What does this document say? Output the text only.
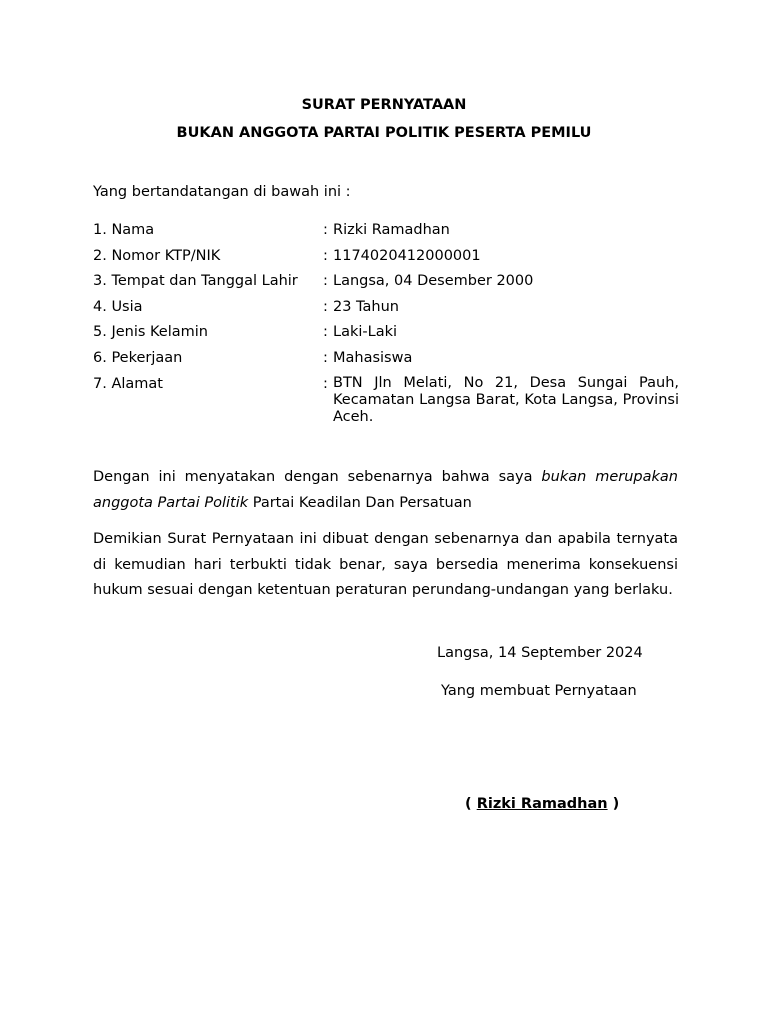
SURAT PERNYATAAN
BUKAN ANGGOTA PARTAI POLITIK PESERTA PEMILU
Yang bertandatangan di bawah ini :
1. Nama	: Rizki Ramadhan
2. Nomor KTP/NIK	: 1174020412000001
3. Tempat dan Tanggal Lahir	: Langsa, 04 Desember 2000
4. Usia	: 23 Tahun
5. Jenis Kelamin	: Laki-Laki
6. Pekerjaan	: Mahasiswa
7. Alamat	: BTN Jln Melati, No 21, Desa Sungai Pauh, Kecamatan Langsa Barat, Kota Langsa, Provinsi Aceh.
Dengan ini menyatakan dengan sebenarnya bahwa saya bukan merupakan anggota Partai Politik Partai Keadilan Dan Persatuan
Demikian Surat Pernyataan ini dibuat dengan sebenarnya dan apabila ternyata di kemudian hari terbukti tidak benar, saya bersedia menerima konsekuensi hukum sesuai dengan ketentuan peraturan perundang-undangan yang berlaku.
Langsa, 14 September 2024
Yang membuat Pernyataan
( Rizki Ramadhan )
